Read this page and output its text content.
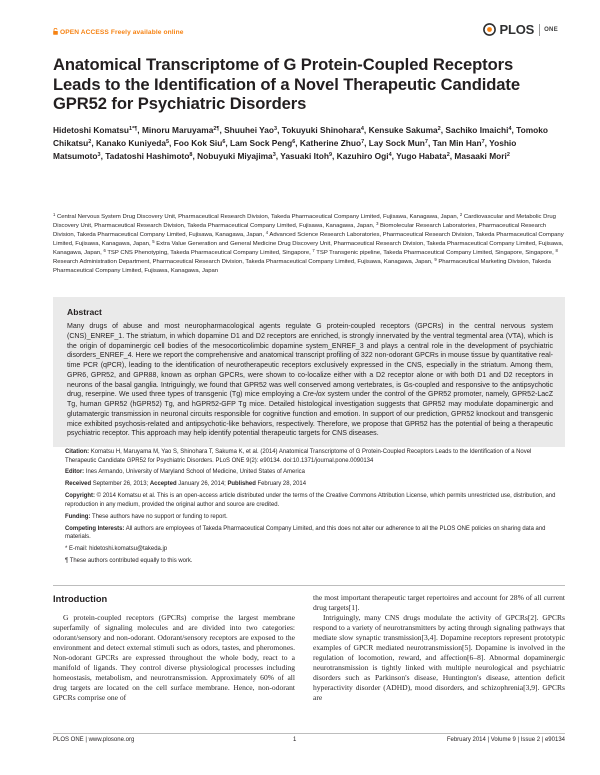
OPEN ACCESS Freely available online	PLOS ONE
Anatomical Transcriptome of G Protein-Coupled Receptors Leads to the Identification of a Novel Therapeutic Candidate GPR52 for Psychiatric Disorders
Hidetoshi Komatsu$^{1*\P}$, Minoru Maruyama$^{2\P}$, Shuuhei Yao$^3$, Tokuyuki Shinohara$^4$, Kensuke Sakuma$^2$, Sachiko Imaichi$^4$, Tomoko Chikatsu$^2$, Kanako Kuniyeda$^5$, Foo Kok Siu$^6$, Lam Sock Peng$^6$, Katherine Zhuo$^7$, Lay Sock Mun$^7$, Tan Min Han$^7$, Yoshio Matsumoto$^3$, Tadatoshi Hashimoto$^8$, Nobuyuki Miyajima$^3$, Yasuaki Itoh$^9$, Kazuhiro Ogi$^4$, Yugo Habata$^2$, Masaaki Mori$^2$
$^1$ Central Nervous System Drug Discovery Unit, Pharmaceutical Research Division, Takeda Pharmaceutical Company Limited, Fujisawa, Kanagawa, Japan, $^2$ Cardiovascular and Metabolic Drug Discovery Unit, Pharmaceutical Research Division, Takeda Pharmaceutical Company Limited, Fujisawa, Kanagawa, Japan, $^3$ Biomolecular Research Laboratories, Pharmaceutical Research Division, Takeda Pharmaceutical Company Limited, Fujisawa, Kanagawa, Japan, $^4$ Advanced Science Research Laboratories, Pharmaceutical Research Division, Takeda Pharmaceutical Company Limited, Fujisawa, Kanagawa, Japan, $^5$ Extra Value Generation and General Medicine Drug Discovery Unit, Pharmaceutical Research Division, Takeda Pharmaceutical Company Limited, Fujisawa, Kanagawa, Japan, $^6$ TSP CNS Phenotyping, Takeda Pharmaceutical Company Limited, Singapore, $^7$ TSP Transgenic pipeline, Takeda Pharmaceutical Company Limited, Singapore, Singapore, $^8$ Research Administration Department, Pharmaceutical Research Division, Takeda Pharmaceutical Company Limited, Fujisawa, Kanagawa, Japan, $^9$ Pharmaceutical Marketing Division, Takeda Pharmaceutical Company Limited, Fujisawa, Kanagawa, Japan
Abstract

Many drugs of abuse and most neuropharmacological agents regulate G protein-coupled receptors (GPCRs) in the central nervous system (CNS)_ENREF_1. The striatum, in which dopamine D1 and D2 receptors are enriched, is strongly innervated by the ventral tegmental area (VTA), which is the origin of dopaminergic cell bodies of the mesocorticolimbic dopamine system_ENREF_3 and plays a central role in the development of psychiatric disorders_ENREF_4. Here we report the comprehensive and anatomical transcript profiling of 322 non-odorant GPCRs in mouse tissue by quantitative real-time PCR (qPCR), leading to the identification of neurotherapeutic receptors exclusively expressed in the CNS, especially in the striatum. Among them, GPR6, GPR52, and GPR88, known as orphan GPCRs, were shown to co-localize either with a D2 receptor alone or with both D1 and D2 receptors in neurons of the basal ganglia. Intriguingly, we found that GPR52 was well conserved among vertebrates, is Gs-coupled and responsive to the antipsychotic drug, reserpine. We used three types of transgenic (Tg) mice employing a Cre-lox system under the control of the GPR52 promoter, namely, GPR52-LacZ Tg, human GPR52 (hGPR52) Tg, and hGPR52-GFP Tg mice. Detailed histological investigation suggests that GPR52 may modulate dopaminergic and glutamatergic transmission in neuronal circuits responsible for cognitive function and emotion. In support of our prediction, GPR52 knockout and transgenic mice exhibited psychosis-related and antipsychotic-like behaviors, respectively. Therefore, we propose that GPR52 has the potential of being a therapeutic psychiatric receptor. This approach may help identify potential therapeutic targets for CNS diseases.

Citation: Komatsu H, Maruyama M, Yao S, Shinohara T, Sakuma K, et al. (2014) Anatomical Transcriptome of G Protein-Coupled Receptors Leads to the Identification of a Novel Therapeutic Candidate GPR52 for Psychiatric Disorders. PLoS ONE 9(2): e90134. doi:10.1371/journal.pone.0090134

Editor: Ines Armando, University of Maryland School of Medicine, United States of America

Received September 26, 2013; Accepted January 26, 2014; Published February 28, 2014

Copyright: © 2014 Komatsu et al. This is an open-access article distributed under the terms of the Creative Commons Attribution License, which permits unrestricted use, distribution, and reproduction in any medium, provided the original author and source are credited.

Funding: These authors have no support or funding to report.

Competing Interests: All authors are employees of Takeda Pharmaceutical Company Limited, and this does not alter our adherence to all the PLOS ONE policies on sharing data and materials.

* E-mail: hidetoshi.komatsu@takeda.jp

¶ These authors contributed equally to this work.

Introduction

G protein-coupled receptors (GPCRs) comprise the largest membrane superfamily of signaling molecules and are divided into two categories: odorant/sensory and non-odorant. Odorant/sensory receptors are exposed to the environment and detect external stimuli such as odors, tastes, and pheromones. Non-odorant GPCRs are expressed throughout the whole body, react to a manifold of ligands. They control diverse physiological processes including homeostasis, metabolism, and neurotransmission. Approximately 60% of all drug targets are located on the cell surface membrane. Hence, non-odorant GPCRs comprise one of

the most important therapeutic target repertoires and account for 28% of all current drug targets[1].

Intriguingly, many CNS drugs modulate the activity of GPCRs[2]. GPCRs respond to a variety of neurotransmitters by acting through signaling pathways that mediate slow synaptic transmission[3,4]. Dopamine receptors represent prototypic examples of GPCR mediated neurotransmission[5]. Dopamine is involved in the regulation of locomotion, reward, and affection[6–8]. Abnormal dopaminergic neurotransmission is tightly linked with multiple neurological and psychiatric disorders such as Parkinson's disease, Huntington's disease, attention deficit hyperactivity disorder (ADHD), mood disorders, and schizophrenia[3,9]. GPCRs are

PLOS ONE | www.plosone.org	1	February 2014 | Volume 9 | Issue 2 | e90134
